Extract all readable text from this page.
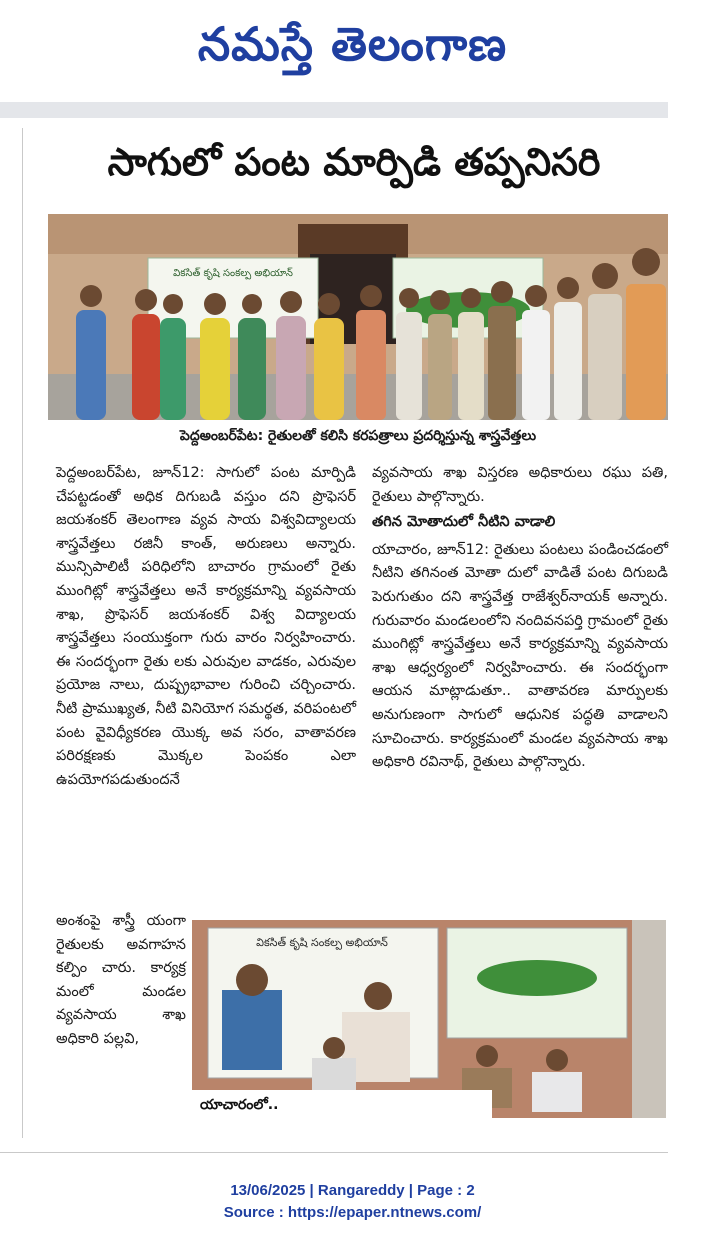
నమస్తే తెలంగాణ
సాగులో పంట మార్పిడి తప్పనిసరి
వికసిత్ కృషి సంకల్ప అభియాన్
పెద్దఅంబర్‌పేట: రైతులతో కలిసి కరపత్రాలు ప్రదర్శిస్తున్న శాస్త్రవేత్తలు

పెద్దఅంబర్‌పేట, జూన్12: సాగులో పంట మార్పిడి చేపట్టడంతో అధిక దిగుబడి వస్తుం దని ప్రొఫెసర్ జయశంకర్ తెలంగాణ వ్యవ సాయ విశ్వవిద్యాలయ శాస్త్రవేత్తలు రజినీ కాంత్, అరుణలు అన్నారు. మున్సిపాలిటీ పరిధిలోని బాచారం గ్రామంలో రైతు ముంగిట్లో శాస్త్రవేత్తలు అనే కార్యక్రమాన్ని వ్యవసాయ శాఖ, ప్రొఫెసర్ జయశంకర్ విశ్వ విద్యాలయ శాస్త్రవేత్తలు సంయుక్తంగా గురు వారం నిర్వహించారు. ఈ సందర్భంగా రైతు లకు ఎరువుల వాడకం, ఎరువుల ప్రయోజ నాలు, దుష్ప్రభావాల గురించి చర్చించారు. నీటి ప్రాముఖ్యత, నీటి వినియోగ సమర్థత, వరిపంటలో పంట వైవిధ్యీకరణ యొక్క అవ సరం, వాతావరణ పరిరక్షణకు మొక్కల పెంపకం ఎలా ఉపయోగపడుతుందనే

అంశంపై శాస్త్రీ యంగా రైతులకు అవగాహన కల్పిం చారు. కార్యక్ర మంలో మండల వ్యవసాయ శాఖ అధికారి పల్లవి,

వ్యవసాయ శాఖ విస్తరణ అధికారులు రఘు పతి, రైతులు పాల్గొన్నారు.

తగిన మోతాదులో నీటిని వాడాలి

యాచారం, జూన్12: రైతులు పంటలు పండించడంలో నీటిని తగినంత మోతా దులో వాడితే పంట దిగుబడి పెరుగుతుం దని శాస్త్రవేత్త రాజేశ్వర్‌నాయక్ అన్నారు. గురువారం మండలంలోని నందివనపర్తి గ్రామంలో రైతు ముంగిట్లో శాస్త్రవేత్తలు అనే కార్యక్రమాన్ని వ్యవసాయ శాఖ ఆధ్వర్యంలో నిర్వహించారు. ఈ సందర్భంగా ఆయన మాట్లాడుతూ.. వాతావరణ మార్పులకు అనుగుణంగా సాగులో ఆధునిక పద్ధతి వాడాలని సూచించారు. కార్యక్రమంలో మండల వ్యవసాయ శాఖ అధికారి రవినాథ్, రైతులు పాల్గొన్నారు.

వికసిత్ కృషి సంకల్ప అభియాన్
యాచారంలో..
13/06/2025 | Rangareddy | Page : 2
Source : https://epaper.ntnews.com/
